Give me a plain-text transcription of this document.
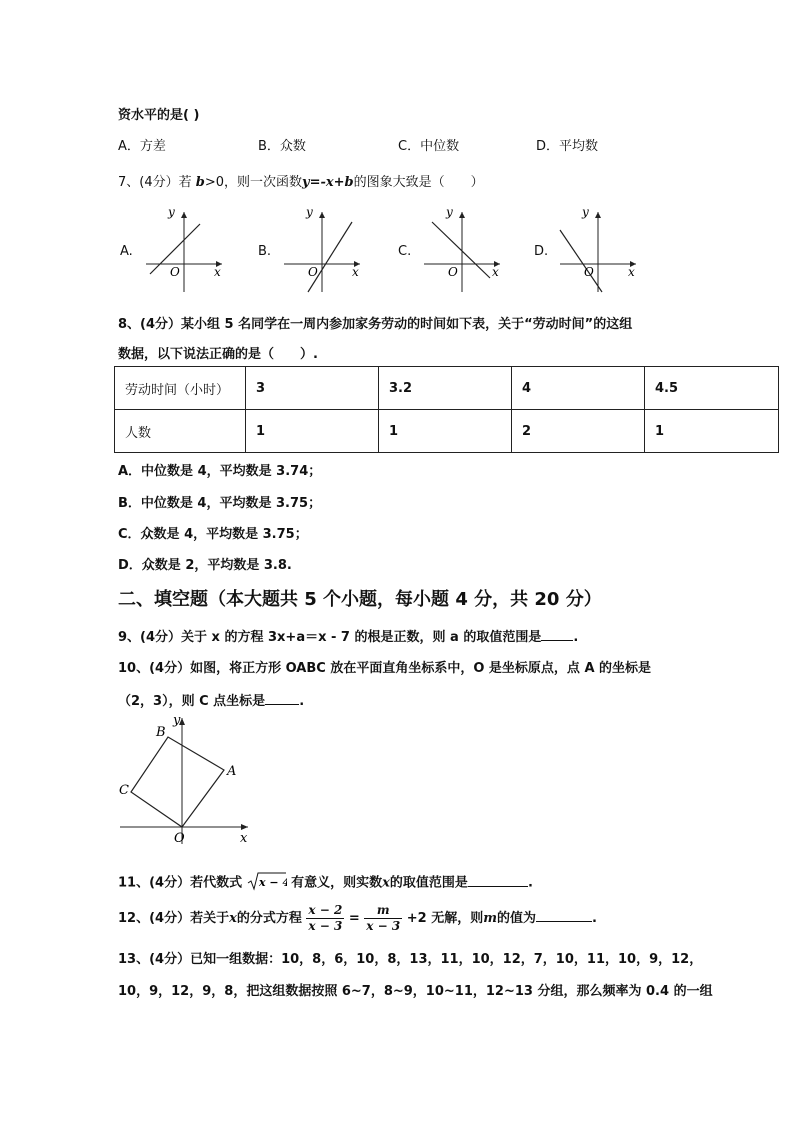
资水平的是( )
A．方差	B．众数	C．中位数	D．平均数
7、(4分）若 b>0，则一次函数y=-x+b的图象大致是（　　）
A.	B.	C.	D.
y
x
O
y
x
O
y
x
O
y
x
O
8、(4分）某小组 5 名同学在一周内参加家务劳动的时间如下表，关于“劳动时间”的这组
数据，以下说法正确的是（　　）.
劳动时间（小时）	3	3.2	4	4.5
人数	1	1	2	1
A．中位数是 4，平均数是 3.74；
B．中位数是 4，平均数是 3.75；
C．众数是 4，平均数是 3.75；
D．众数是 2，平均数是 3.8.
二、填空题（本大题共 5 个小题，每小题 4 分，共 20 分）
9、(4分）关于 x 的方程 3x+a＝x - 7 的根是正数，则 a 的取值范围是 .
10、(4分）如图，将正方形 OABC 放在平面直角坐标系中，O 是坐标原点，点 A 的坐标是
（2，3），则 C 点坐标是	.
y
x
O
A
B
C
11、(4分）若代数式 x − 4 有意义，则实数x的取值范围是	.
12、(4分）若关于x的分式方程 $\frac{x - 2}{x - 3} = \frac{m}{x - 3} +2$ 无解，则m的值为	.
13、(4分）已知一组数据：10，8，6，10，8，13，11，10，12，7，10，11，10，9，12，
10，9，12，9，8，把这组数据按照 6~7，8~9，10~11，12~13 分组，那么频率为 0.4 的一组
